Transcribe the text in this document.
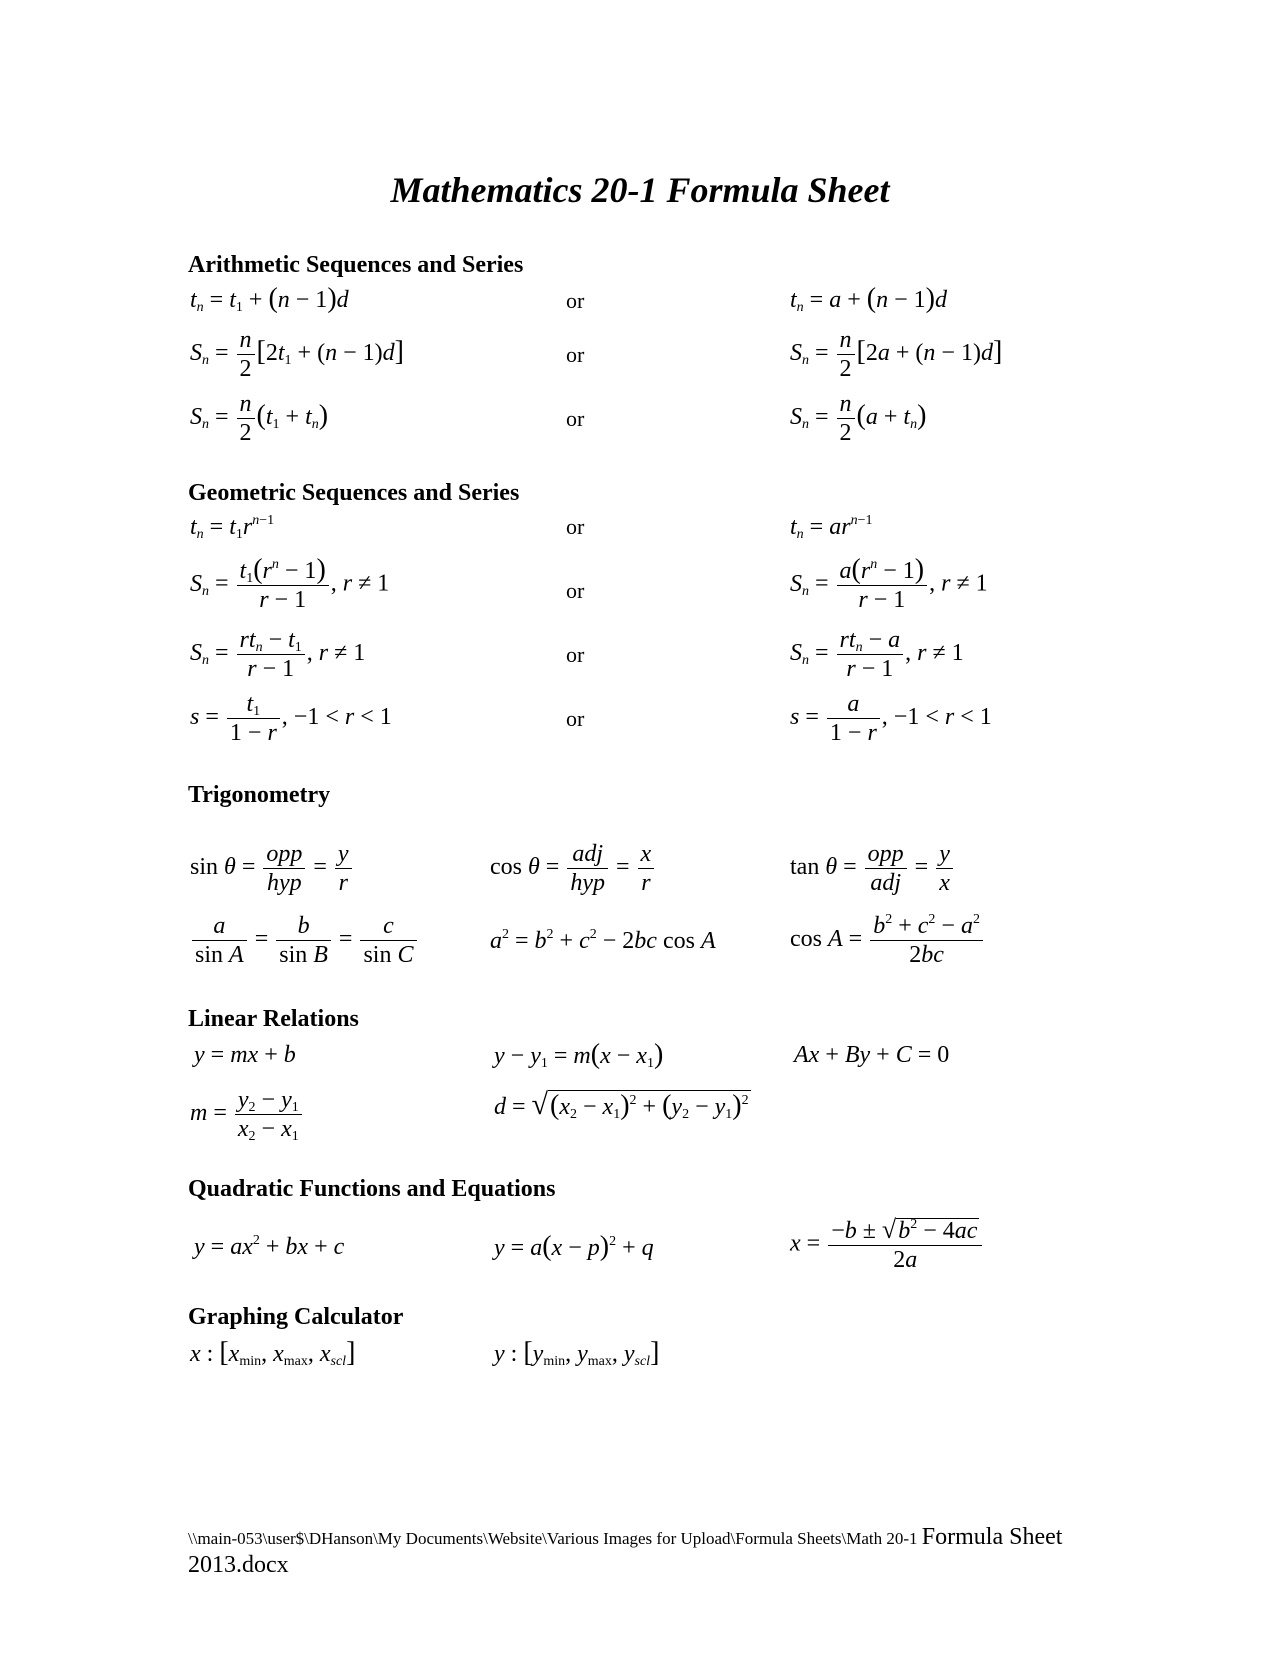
Mathematics 20-1 Formula Sheet
Arithmetic Sequences and Series
$t_n = t_1 + (n - 1)d$	or	$t_n = a + (n - 1)d$
$S_n = \frac{n}{2} [2t_1 + (n - 1)d]$	or	$S_n = \frac{n}{2} [2a + (n - 1)d]$
$S_n = \frac{n}{2} (t_1 + t_n)$	or	$S_n = \frac{n}{2} (a + t_n)$
Geometric Sequences and Series
$t_n = t_1r^{n-1}$	or	$t_n = ar^{n-1}$
$S_n = \frac{t_1(r^n - 1)}{r - 1}$ , r ≠ 1	or	$S_n = \frac{a(r^n - 1)}{r - 1}$ , r ≠ 1
$S_n = \frac{rt_n - t_1}{r - 1}$ , r ≠ 1	or	$S_n = \frac{rt_n - a}{r - 1}$ , r ≠ 1
$s = \frac{t_1}{1 - r}$ , −1 < r < 1	or	$s = \frac{a}{1 - r}$ , −1 < r < 1
Trigonometry
$\sin \theta = \frac{\text{opp}}{\text{hyp}} = \frac{y}{r}$	$\cos \theta = \frac{\text{adj}}{\text{hyp}} = \frac{x}{r}$	$\tan \theta = \frac{\text{opp}}{\text{adj}} = \frac{y}{x}$
$\frac{a}{\text{sin A}} = \frac{b}{\text{sin B}} = \frac{c}{\text{sin C}}$	$a^2 = b^2 + c^2 - 2bc$ cos A	$\cos A = \frac{b^2 + c^2 - a^2}{2bc}$
Linear Relations
y = mx + b	$y - y_1 = m(x - x_1)$	Ax + By + C = 0
$m = \frac{y_2 - y_1}{x_2 - x_1}$	$d = √(x_2 - x_1)^2 + (y_2 - y_1)^2$
Quadratic Functions and Equations
$y = ax^2$ + bx + c	$y = a(x - p)^2 + q$	$x = \frac{-b \pm √b^2 - 4ac}{2a}$
Graphing Calculator
x : [$x_{min}$, $x_{max}$, $x_{scl}$]	y : [$y_{min}$, $y_{max}$, $y_{scl}$]
\\main-053\user$\DHanson\My Documents\Website\Various Images for Upload\Formula Sheets\Math 20-1 Formula Sheet
2013.docx
